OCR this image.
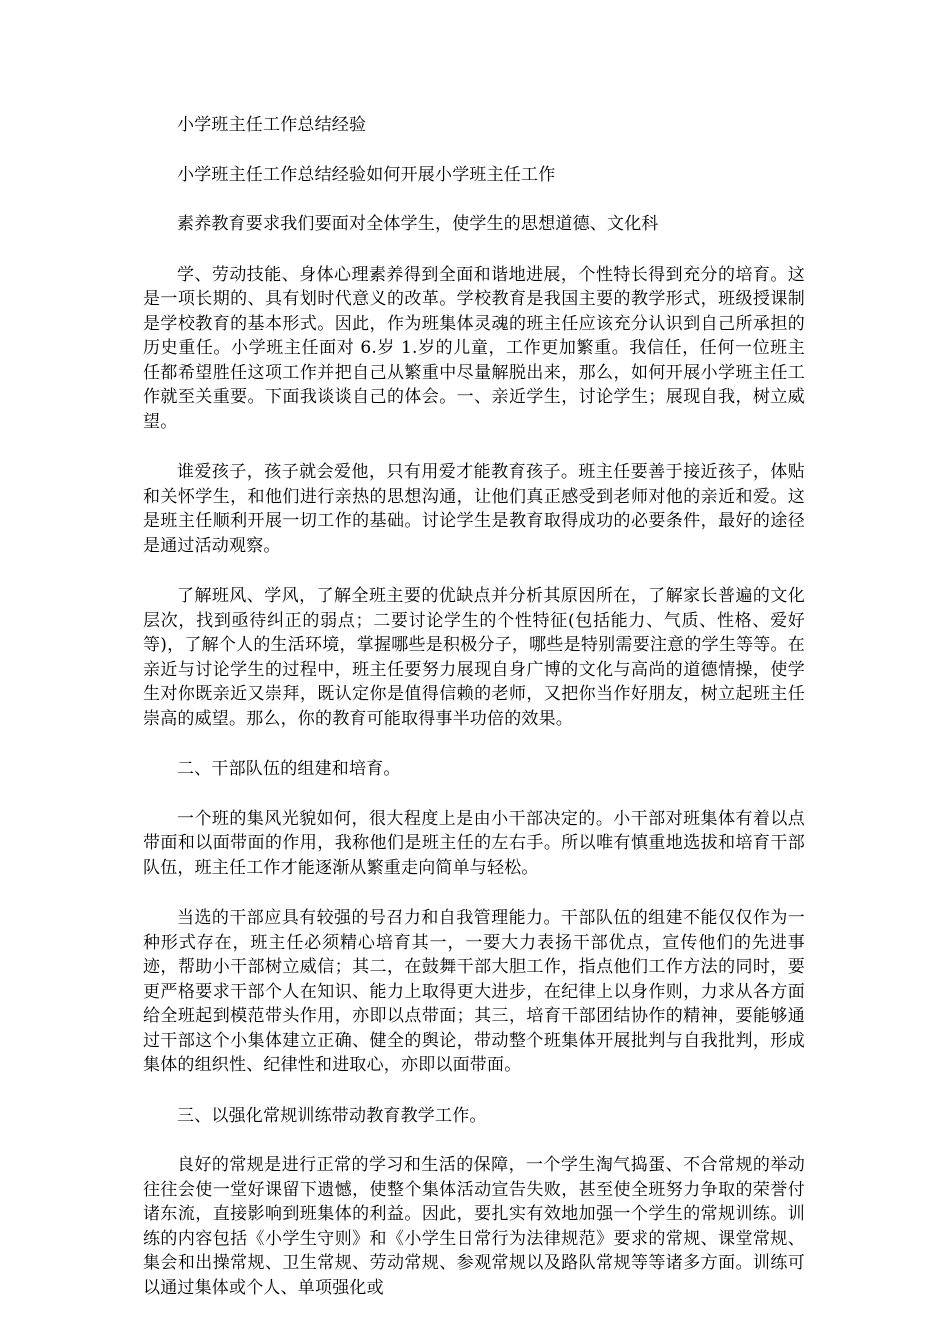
小学班主任工作总结经验

小学班主任工作总结经验如何开展小学班主任工作

素养教育要求我们要面对全体学生，使学生的思想道德、文化科

学、劳动技能、身体心理素养得到全面和谐地进展，个性特长得到充分的培育。这是一项长期的、具有划时代意义的改革。学校教育是我国主要的教学形式，班级授课制是学校教育的基本形式。因此，作为班集体灵魂的班主任应该充分认识到自己所承担的历史重任。小学班主任面对 6.岁 1.岁的儿童，工作更加繁重。我信任，任何一位班主任都希望胜任这项工作并把自己从繁重中尽量解脱出来，那么，如何开展小学班主任工作就至关重要。下面我谈谈自己的体会。一、亲近学生，讨论学生；展现自我，树立威望。

谁爱孩子，孩子就会爱他，只有用爱才能教育孩子。班主任要善于接近孩子，体贴和关怀学生，和他们进行亲热的思想沟通，让他们真正感受到老师对他的亲近和爱。这是班主任顺利开展一切工作的基础。讨论学生是教育取得成功的必要条件，最好的途径是通过活动观察。

了解班风、学风，了解全班主要的优缺点并分析其原因所在，了解家长普遍的文化层次，找到亟待纠正的弱点；二要讨论学生的个性特征(包括能力、气质、性格、爱好等)，了解个人的生活环境，掌握哪些是积极分子，哪些是特别需要注意的学生等等。在亲近与讨论学生的过程中，班主任要努力展现自身广博的文化与高尚的道德情操，使学生对你既亲近又崇拜，既认定你是值得信赖的老师，又把你当作好朋友，树立起班主任崇高的威望。那么，你的教育可能取得事半功倍的效果。

二、干部队伍的组建和培育。

一个班的集风光貌如何，很大程度上是由小干部决定的。小干部对班集体有着以点带面和以面带面的作用，我称他们是班主任的左右手。所以唯有慎重地选拔和培育干部队伍，班主任工作才能逐渐从繁重走向简单与轻松。

当选的干部应具有较强的号召力和自我管理能力。干部队伍的组建不能仅仅作为一种形式存在，班主任必须精心培育其一，一要大力表扬干部优点，宣传他们的先进事迹，帮助小干部树立威信；其二，在鼓舞干部大胆工作，指点他们工作方法的同时，要更严格要求干部个人在知识、能力上取得更大进步，在纪律上以身作则，力求从各方面给全班起到模范带头作用，亦即以点带面；其三，培育干部团结协作的精神，要能够通过干部这个小集体建立正确、健全的舆论，带动整个班集体开展批判与自我批判，形成集体的组织性、纪律性和进取心，亦即以面带面。

三、以强化常规训练带动教育教学工作。

良好的常规是进行正常的学习和生活的保障，一个学生淘气捣蛋、不合常规的举动往往会使一堂好课留下遗憾，使整个集体活动宣告失败，甚至使全班努力争取的荣誉付诸东流，直接影响到班集体的利益。因此，要扎实有效地加强一个学生的常规训练。训练的内容包括《小学生守则》和《小学生日常行为法律规范》要求的常规、课堂常规、集会和出操常规、卫生常规、劳动常规、参观常规以及路队常规等等诸多方面。训练可以通过集体或个人、单项强化或
